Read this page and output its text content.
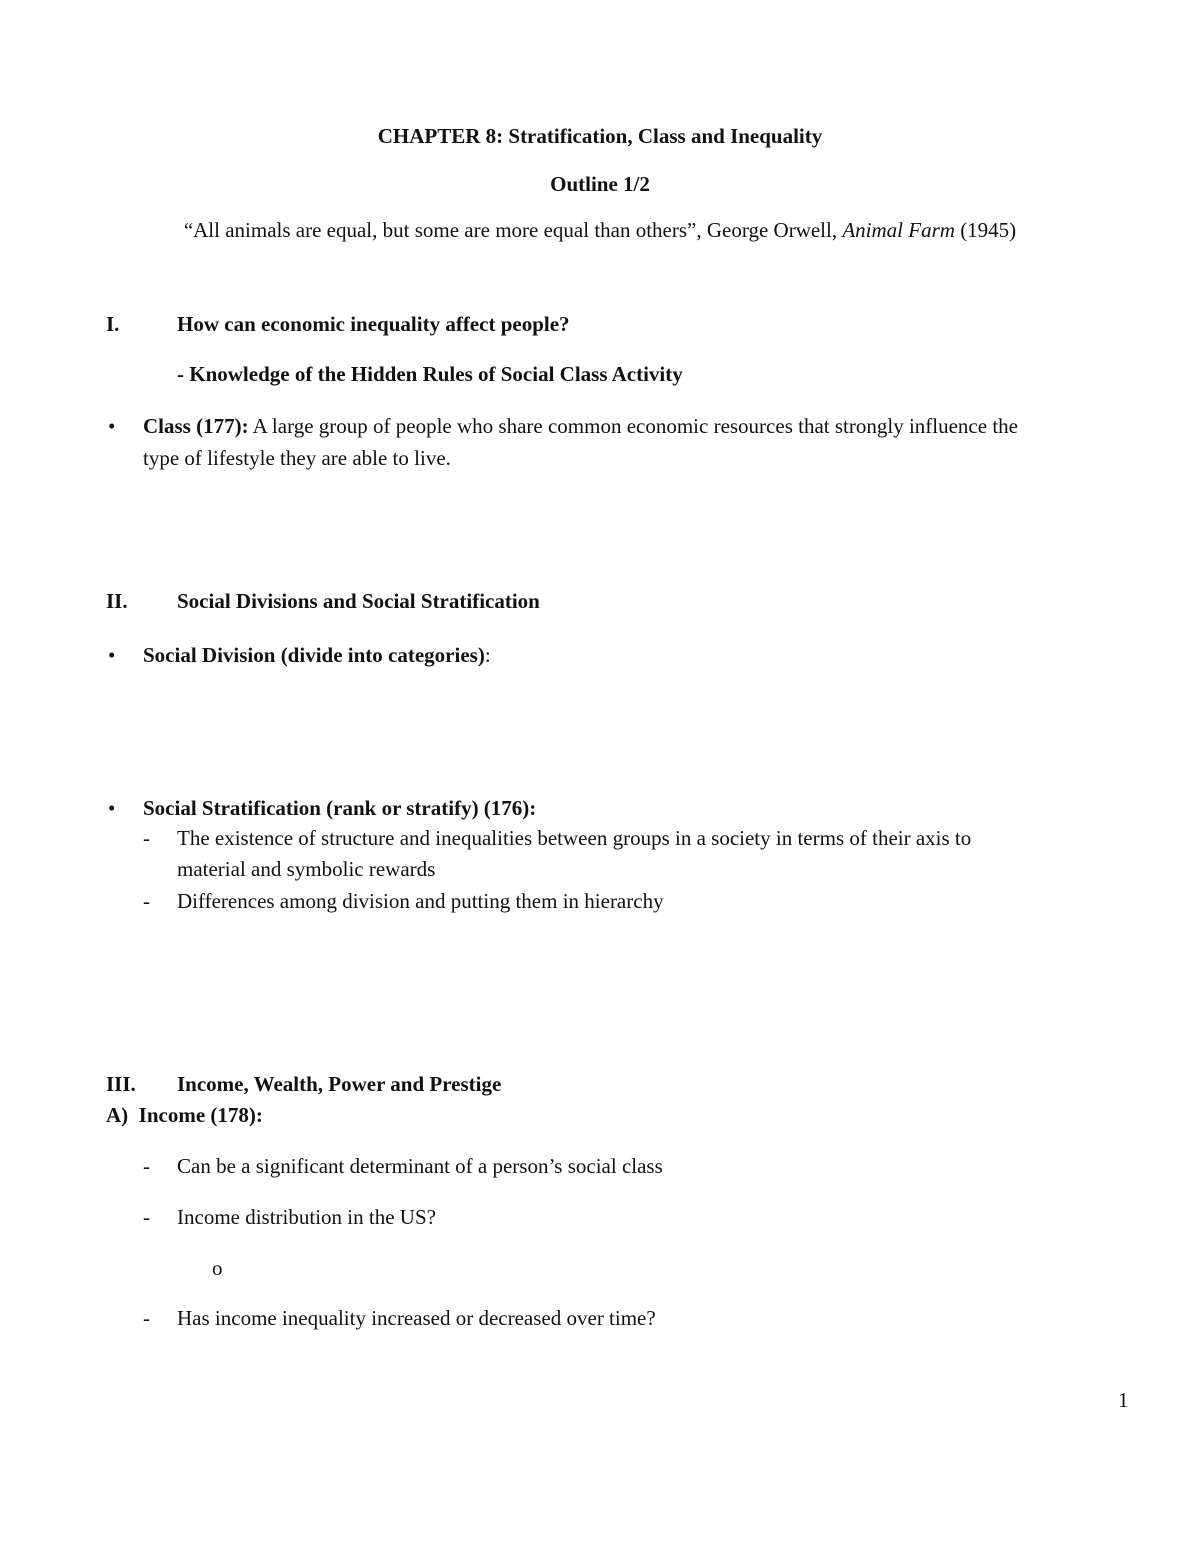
CHAPTER 8: Stratification, Class and Inequality
Outline 1/2
“All animals are equal, but some are more equal than others”, George Orwell, Animal Farm (1945)
I.	How can economic inequality affect people?
- Knowledge of the Hidden Rules of Social Class Activity
• Class (177): A large group of people who share common economic resources that strongly influence the
type of lifestyle they are able to live.
II. Social Divisions and Social Stratification
• Social Division (divide into categories):
• Social Stratification (rank or stratify) (176):
- The existence of structure and inequalities between groups in a society in terms of their axis to
material and symbolic rewards
- Differences among division and putting them in hierarchy
III. Income, Wealth, Power and Prestige
A)  Income (178):
- Can be a significant determinant of a person’s social class
- Income distribution in the US?
o
- Has income inequality increased or decreased over time?
1
